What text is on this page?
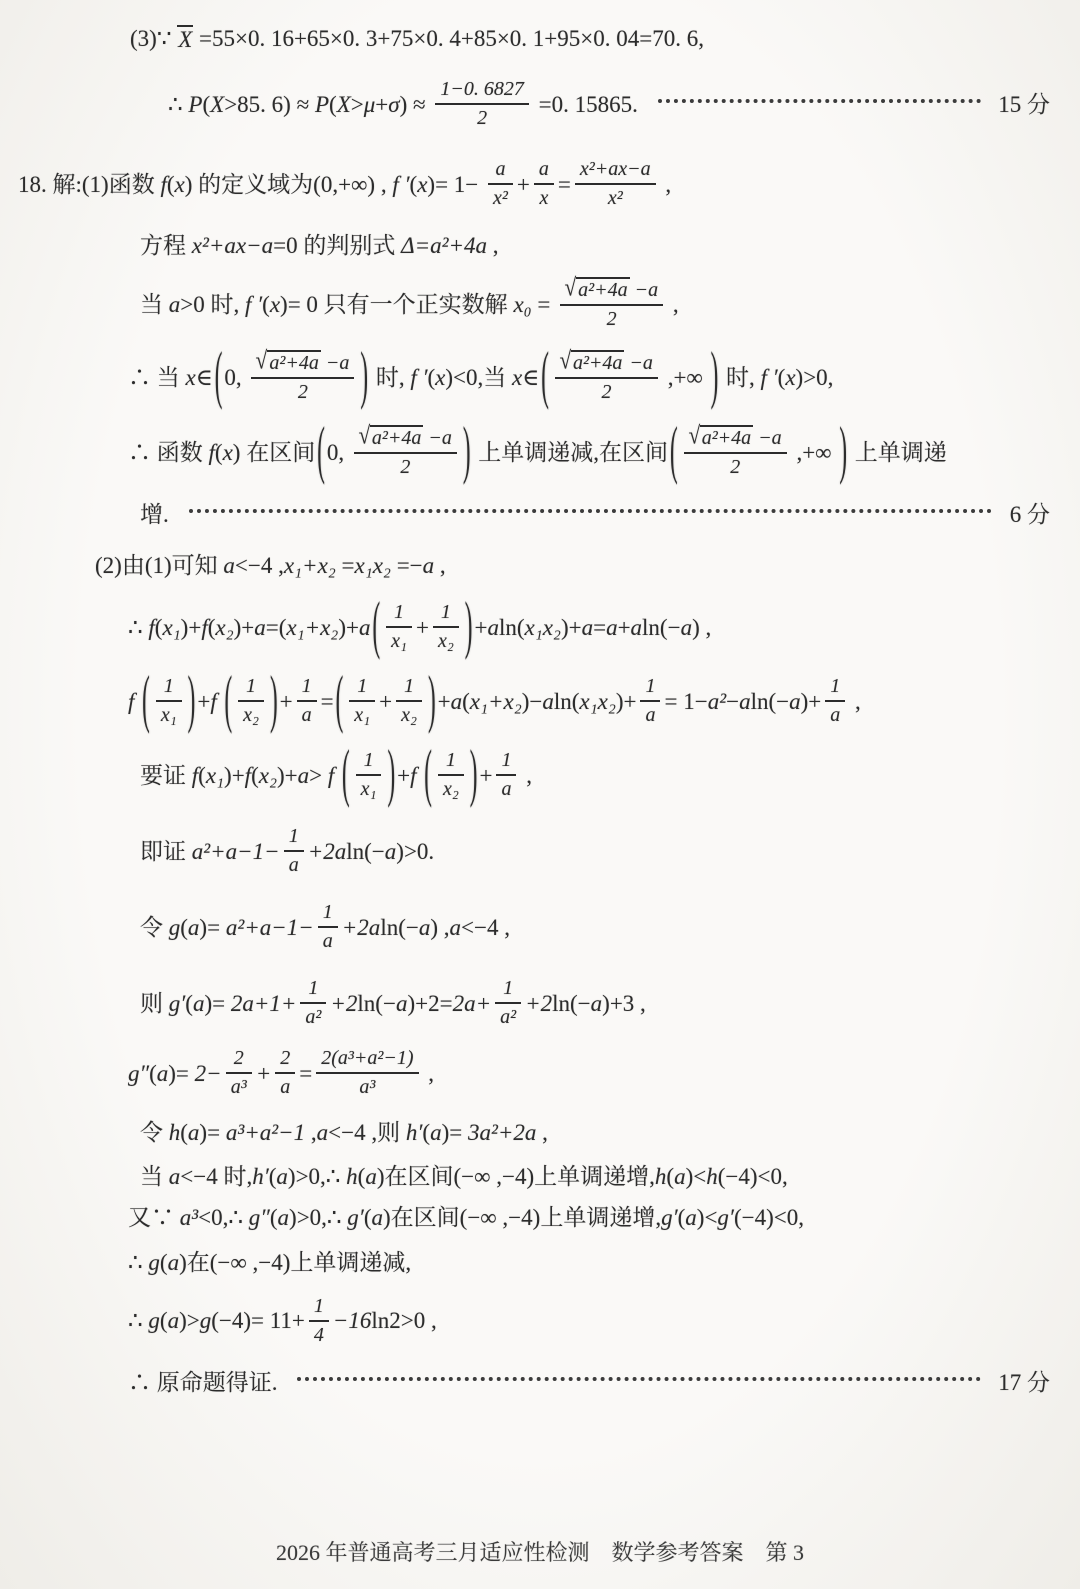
(3)∵ X =55×0. 16+65×0. 3+75×0. 4+85×0. 1+95×0. 04=70. 6,
∴ P ( X >85. 6) ≈ P ( X > μ + σ ) ≈ $\frac{1-0. 6827}{2} =0$. 15865.	15 分
18. 解:(1)函数 f ( x ) 的定义域为(0,+∞) , f ′ ( x )= $1- \frac{a}{\text{x²}} + \frac{a}{x} = \frac{\text{x²+ax−a}}{\text{x²}}$ ,
方程 x²+ax−a =0 的判别式 Δ=a²+4a ,
当 a >0 时, f ′ ( x )= 0 只有一个正实数解 $x_0 = \frac{\text{√a²+4a −a}}{2}$ ,
∴ 当 x ∈ ( 0, $\frac{\text{√a²+4a −a}}{2}$ ) 时, f ′ ( x )<0,当 x ∈ ( $\frac{\text{√a²+4a −a}}{2}$ ,+∞ ) 时, f ′ ( x )>0,
∴ 函数 f ( x ) 在区间 ( 0, $\frac{\text{√a²+4a −a}}{2}$ ) 上单调递减,在区间 ( $\frac{\text{√a²+4a −a}}{2}$ ,+∞ ) 上单调递
增.	6 分
(2)由(1)可知 a <−4 , x₁+x₂ = x₁x₂ =− a ,
∴ f ( x₁ )+ f ( x₂ )+ a =( x₁+x₂ )+ a ( $\frac{1}{\text{x₁}} + \frac{1}{\text{x₂}}$ ) + a ln( x₁x₂ )+ a = a + a ln(− a ) ,
f ( $\frac{1}{\text{x₁}}$ ) + f ( $\frac{1}{\text{x₂}}$ ) + $\frac{1}{a}$ = ( $\frac{1}{\text{x₁}} + \frac{1}{\text{x₂}}$ ) + a ( x₁+x₂ )− a ln( x₁x₂ )+ $\frac{1}{a} = 1- a^2 - a$ ln(− a )+ $\frac{1}{a}$ ,
要证 f ( x₁ )+ f ( x₂ )+ a > f ( $\frac{1}{\text{x₁}}$ ) + f ( $\frac{1}{\text{x₂}}$ ) + $\frac{1}{a}$ ,
即证 $a^2+a-1- \frac{1}{a} +2a$ ln(− a )>0.
令 g ( a )= $a^2+a-1- \frac{1}{a} +2a$ ln(− a ) , a <−4 ,
则 g′ ( a )= $2a+1+ \frac{1}{\text{a²}} +2$ ln(− a )$+2= 2a+ \frac{1}{\text{a²}} +2$ ln(− a )+3 ,
g″ ( a )= $2- \frac{2}{\text{a³}} + \frac{2}{a} = \frac{\text{2(a³+a²−1)}}{\text{a³}}$ ,
令 h ( a )= a³+a²−1 , a <−4 ,则 h′ ( a )= 3a²+2a ,
当 a <−4 时, h′ ( a )>0,∴ h ( a )在区间(−∞ ,−4)上单调递增, h ( a )< h (−4)<0,
又∵ a³ <0,∴ g″ ( a )>0,∴ g′ ( a )在区间(−∞ ,−4)上单调递增, g′ ( a )< g′ (−4)<0,
∴ g ( a )在(−∞ ,−4)上单调递减,
∴ g ( a )> g $(-4)= 11+ \frac{1}{4} -16$ ln2>0 ,
∴ 原命题得证.	17 分
2026 年普通高考三月适应性检测    数学参考答案    第 3
